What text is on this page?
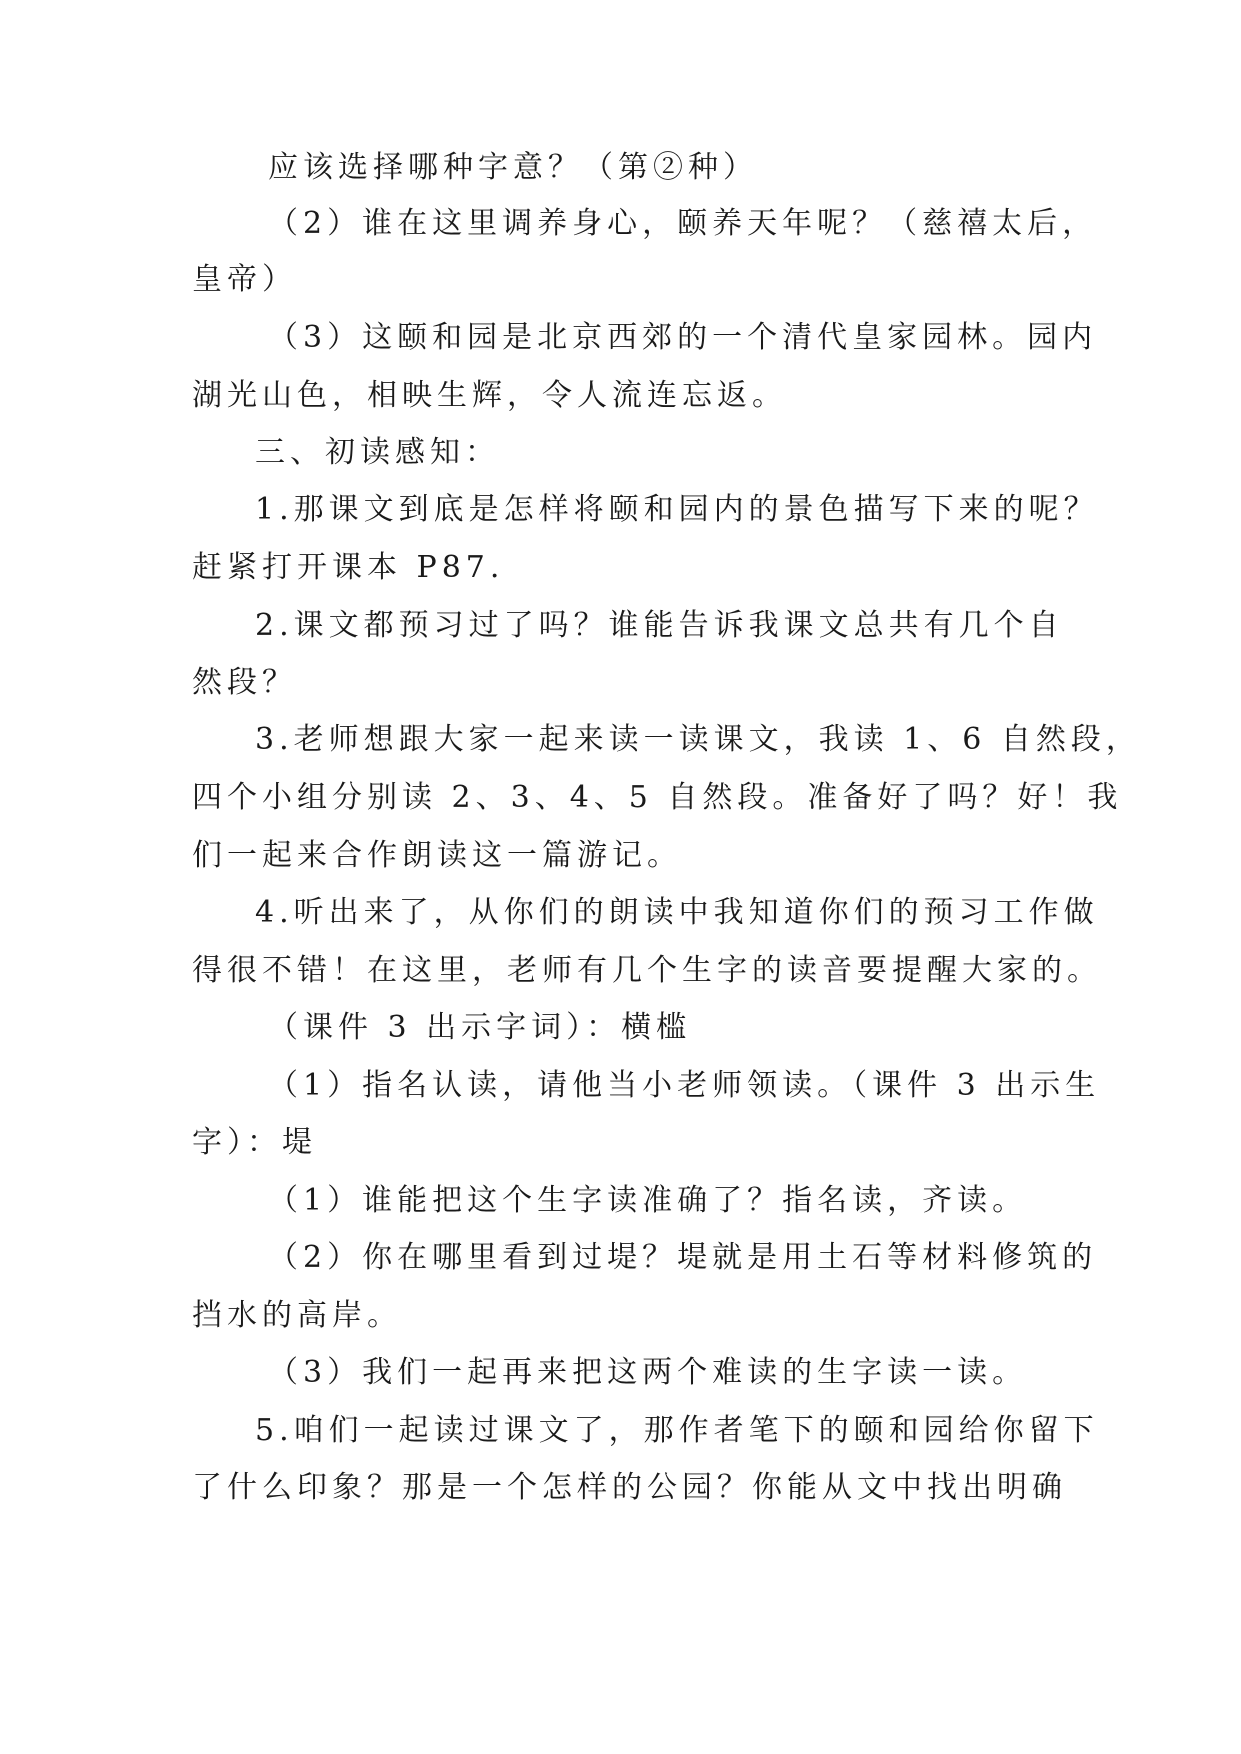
应该选择哪种字意？（第②种）

（2）谁在这里调养身心，颐养天年呢？（慈禧太后，

皇帝）

（3）这颐和园是北京西郊的一个清代皇家园林。园内

湖光山色，相映生辉，令人流连忘返。

三、初读感知：

1.那课文到底是怎样将颐和园内的景色描写下来的呢？

赶紧打开课本 P87.

2.课文都预习过了吗？谁能告诉我课文总共有几个自

然段？

3.老师想跟大家一起来读一读课文，我读 1、6 自然段，

四个小组分别读 2、3、4、5 自然段。准备好了吗？好！我

们一起来合作朗读这一篇游记。

4.听出来了，从你们的朗读中我知道你们的预习工作做

得很不错！在这里，老师有几个生字的读音要提醒大家的。

（课件 3 出示字词）：横槛

（1）指名认读，请他当小老师领读。（课件 3 出示生

字）：堤

（1）谁能把这个生字读准确了？指名读，齐读。

（2）你在哪里看到过堤？堤就是用土石等材料修筑的

挡水的高岸。

（3）我们一起再来把这两个难读的生字读一读。

5.咱们一起读过课文了，那作者笔下的颐和园给你留下

了什么印象？那是一个怎样的公园？你能从文中找出明确
